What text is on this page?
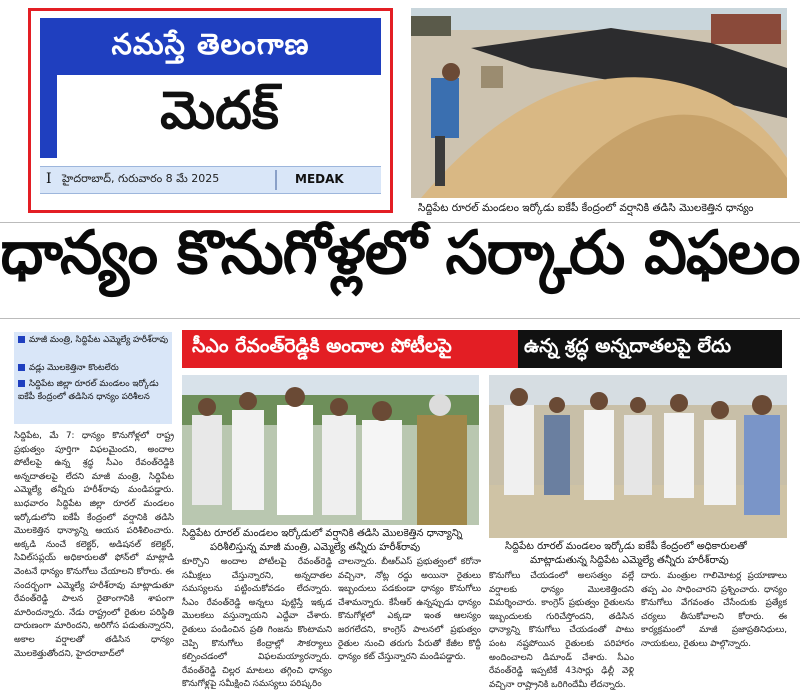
నమస్తే తెలంగాణ
మెదక్
I హైదరాబాద్, గురువారం 8 మే 2025	MEDAK
సిద్దిపేట రూరల్ మండలం ఇర్కోడు ఐకేపీ కేంద్రంలో వర్షానికి తడిసి మొలకెత్తిన ధాన్యం
ధాన్యం కొనుగోళ్లలో సర్కారు విఫలం
మాజీ మంత్రి, సిద్దిపేట ఎమ్మెల్యే హరీశ్‌రావు
వడ్లు మొలకెత్తినా కొంటలేరు
సిద్దిపేట జిల్లా రూరల్ మండలం ఇర్కోడు ఐకేపీ కేంద్రంలో తడిసిన ధాన్యం పరిశీలన
సీఎం రేవంత్‌రెడ్డికి అందాల పోటీలపై	ఉన్న శ్రద్ధ అన్నదాతలపై లేదు
సిద్దిపేట రూరల్ మండలం ఇర్కోడులో వర్షానికి తడిసి మొలకెత్తిన ధాన్యాన్ని
పరిశీలిస్తున్న మాజీ మంత్రి, ఎమ్మెల్యే తన్నీరు హరీశ్‌రావు	సిద్దిపేట రూరల్ మండలం ఇర్కోడు ఐకేపీ కేంద్రంలో అధికారులతో
మాట్లాడుతున్న సిద్దిపేట ఎమ్మెల్యే తన్నీరు హరీశ్‌రావు

సిద్దిపేట, మే 7: ధాన్యం కొనుగోళ్లలో రాష్ట్ర ప్రభుత్వం పూర్తిగా విఫలమైందని, అందాల పోటీలపై ఉన్న శ్రద్ధ సీఎం రేవంత్‌రెడ్డికి అన్నదాతలపై లేదని మాజీ మంత్రి, సిద్దిపేట ఎమ్మెల్యే తన్నీరు హరీశ్‌రావు మండిపడ్డారు. బుధవారం సిద్దిపేట జిల్లా రూరల్ మండలం ఇర్కోడులోని ఐకేపీ కేంద్రంలో వర్షానికి తడిసి మొలకెత్తిన ధాన్యాన్ని ఆయన పరిశీలించారు. అక్కడి నుంచే కలెక్టర్, అడిషనల్ కలెక్టర్, సివిల్‌సప్లయ్ అధికారులతో ఫోన్‌లో మాట్లాడి వెంటనే ధాన్యం కొనుగోలు చేయాలని కోరారు. ఈ సందర్భంగా ఎమ్మెల్యే హరీశ్‌రావు మాట్లాడుతూ రేవంత్‌రెడ్డి పాలన రైతాంగానికి శాపంగా మారిందన్నారు. నేడు రాష్ట్రంలో రైతుల పరిస్థితి దారుణంగా మారిందని, అరిగోస పడుతున్నారని, అకాల వర్షాలతో తడిసిన ధాన్యం మొలకెత్తుతోందని, హైదరాబాద్‌లో

కూర్చొని అందాల పోటీలపై రేవంత్‌రెడ్డి సమీక్షలు చేస్తున్నారని, అన్నదాతల సమస్యలను పట్టించుకోవడం లేదన్నారు. సీఎం రేవంత్‌రెడ్డి అన్నలు పుట్టిస్తే ఇక్కడ మొలకలు వస్తున్నాయని ఎద్దేవా చేశారు. రైతులు పండించిన ప్రతి గింజను కొంటామని చెప్పి కొనుగోలు కేంద్రాల్లో సౌకర్యాలు కల్పించడంలో విఫలమయ్యారన్నారు. రేవంత్‌రెడ్డి చిల్లర మాటలు తగ్గించి ధాన్యం కొనుగోళ్లపై సమీక్షించి సమస్యలు పరిష్కరిం

చాలన్నారు. బీఆర్‌ఎస్ ప్రభుత్వంలో కరోనా వచ్చినా, నోట్ల రద్దు అయినా రైతులు ఇబ్బందులు పడకుండా ధాన్యం కొనుగోలు చేశామన్నారు. కేసీఆర్ ఉన్నప్పుడు ధాన్యం కొనుగోళ్లలో ఎక్కడా ఇంత ఆలస్యం జరగలేదని, కాంగ్రెస్ పాలనలో ప్రభుత్వం రైతుల నుంచి తరుగు పేరుతో కేజీల కొద్దీ ధాన్యం కట్ చేస్తున్నారని మండిపడ్డారు.

కొనుగోలు చేయడంలో అలసత్వం వల్లే వర్షాలకు ధాన్యం మొలకెత్తిందని విమర్శించారు. కాంగ్రెస్ ప్రభుత్వం రైతులను ఇబ్బందులకు గురిచేస్తోందని, తడిసిన ధాన్యాన్ని కొనుగోలు చేయడంతో పాటు పంట నష్టపోయిన రైతులకు పరిహారం అందించాలని డిమాండ్ చేశారు. సీఎం రేవంత్‌రెడ్డి ఇప్పటికే 43సార్లు ఢిల్లీ వెళ్లి వచ్చినా రాష్ట్రానికి ఒరిగిందేమీ లేదన్నారు.

దారు. మంత్రుల గాలిమోటర్ల ప్రయాణాలు తప్ప ఎం సాధించారని ప్రశ్నించారు. ధాన్యం కొనుగోలు వేగవంతం చేసేందుకు ప్రత్యేక చర్యలు తీసుకోవాలని కోరారు. ఈ కార్యక్రమంలో మాజీ ప్రజాప్రతినిధులు, నాయకులు, రైతులు పాల్గొన్నారు.
